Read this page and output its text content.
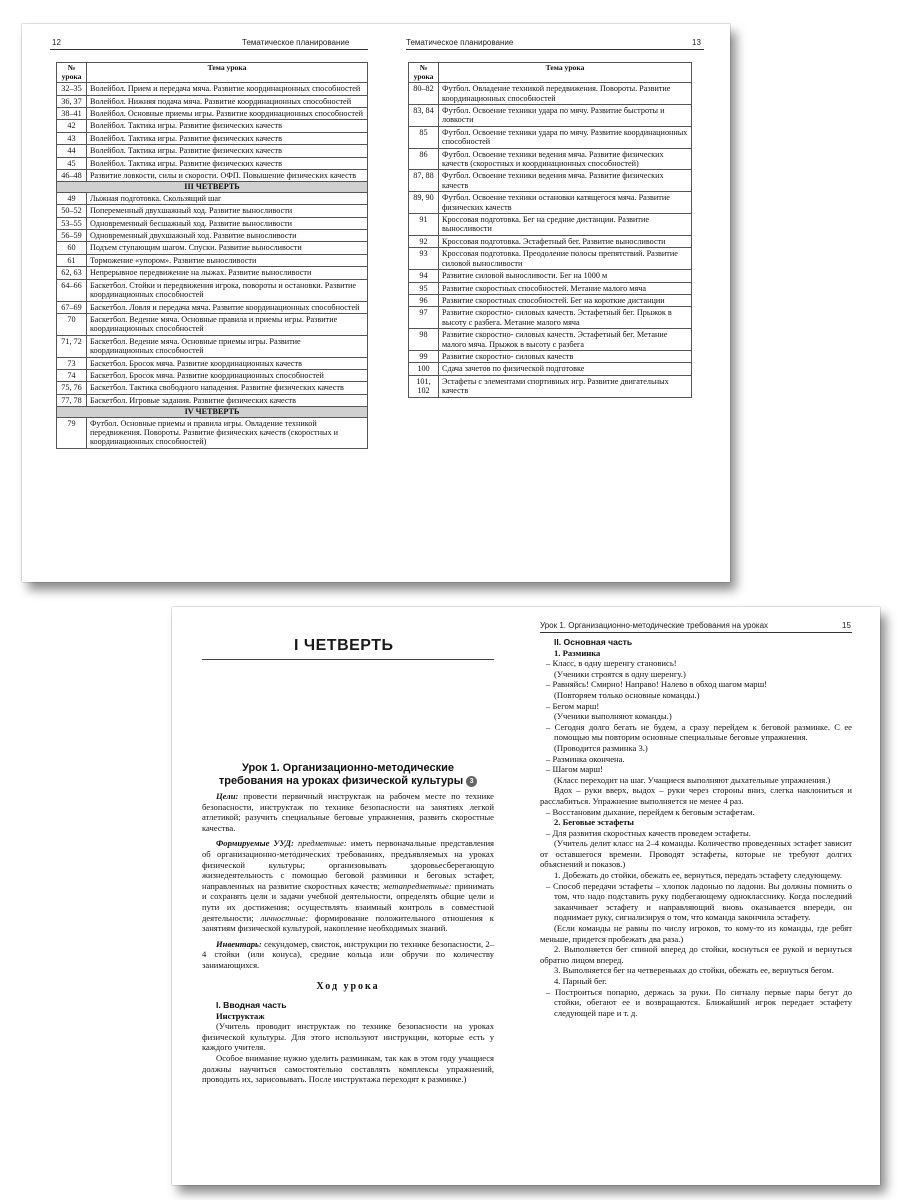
12	Тематическое планирование
№ урока	Тема урока
32–35	Волейбол. Прием и передача мяча. Развитие координационных способностей
36, 37	Волейбол. Нижняя подача мяча. Развитие координационных способностей
38–41	Волейбол. Основные приемы игры. Развитие координационных способностей
42	Волейбол. Тактика игры. Развитие физических качеств
43	Волейбол. Тактика игры. Развитие физических качеств
44	Волейбол. Тактика игры. Развитие физических качеств
45	Волейбол. Тактика игры. Развитие физических качеств
46–48	Развитие ловкости, силы и скорости. ОФП. Повышение физических качеств
III ЧЕТВЕРТЬ	
49	Лыжная подготовка. Скользящий шаг
50–52	Попеременный двухшажный ход. Развитие выносливости
53–55	Одновременный бесшажный ход. Развитие выносливости
56–59	Одновременный двухшажный ход. Развитие выносливости
60	Подъем ступающим шагом. Спуски. Развитие выносливости
61	Торможение «упором». Развитие выносливости
62, 63	Непрерывное передвижение на лыжах. Развитие выносливости
64–66	Баскетбол. Стойки и передвижения игрока, повороты и остановки. Развитие координационных способностей
67–69	Баскетбол. Ловля и передача мяча. Развитие координационных способностей
70	Баскетбол. Ведение мяча. Основные правила и приемы игры. Развитие координационных способностей
71, 72	Баскетбол. Ведение мяча. Основные приемы игры. Развитие координационных способностей
73	Баскетбол. Бросок мяча. Развитие координационных качеств
74	Баскетбол. Бросок мяча. Развитие координационных способностей
75, 76	Баскетбол. Тактика свободного нападения. Развитие физических качеств
77, 78	Баскетбол. Игровые задания. Развитие физических качеств
IV ЧЕТВЕРТЬ	
79	Футбол. Основные приемы и правила игры. Овладение техникой передвижения. Повороты. Развитие физических качеств (скоростных и координационных способностей)
Тематическое планирование	13
№ урока	Тема урока
80–82	Футбол. Овладение техникой передвижения. Повороты. Развитие координационных способностей
83, 84	Футбол. Освоение техники удара по мячу. Развитие быстроты и ловкости
85	Футбол. Освоение техники удара по мячу. Развитие координационных способностей
86	Футбол. Освоение техники ведения мяча. Развитие физических качеств (скоростных и координационных способностей)
87, 88	Футбол. Освоение техники ведения мяча. Развитие физических качеств
89, 90	Футбол. Освоение техники остановки катящегося мяча. Развитие физических качеств
91	Кроссовая подготовка. Бег на средние дистанции. Развитие выносливости
92	Кроссовая подготовка. Эстафетный бег. Развитие выносливости
93	Кроссовая подготовка. Преодоление полосы препятствий. Развитие силовой выносливости
94	Развитие силовой выносливости. Бег на 1000 м
95	Развитие скоростных способностей. Метание малого мяча
96	Развитие скоростных способностей. Бег на короткие дистанции
97	Развитие скоростно- силовых качеств. Эстафетный бег. Прыжок в высоту с разбега. Метание малого мяча
98	Развитие скоростно- силовых качеств. Эстафетный бег. Метание малого мяча. Прыжок в высоту с разбега
99	Развитие скоростно- силовых качеств
100	Сдача зачетов по физической подготовке
101, 102	Эстафеты с элементами спортивных игр. Развитие двигательных качеств
I ЧЕТВЕРТЬ
Урок 1. Организационно-методические
требования на уроках физической культуры 3

Цели: провести первичный инструктаж на рабочем месте по технике безопасности, инструктаж по технике безопасности на занятиях легкой атлетикой; разучить специальные беговые упражнения, развить скоростные качества.

Формируемые УУД: предметные: иметь первоначальные представления об организационно-методических требованиях, предъявляемых на уроках физической культуры; организовывать здоровьесберегающую жизнедеятельность с помощью беговой разминки и беговых эстафет, направленных на развитие скоростных качеств; метапредметные: принимать и сохранять цели и задачи учебной деятельности, определять общие цели и пути их достижения; осуществлять взаимный контроль в совместной деятельности; личностные: формирование положительного отношения к занятиям физической культурой, накопление необходимых знаний.

Инвентарь: секундомер, свисток, инструкции по технике безопасности, 2–4 стойки (или конуса), средние кольца или обручи по количеству занимающихся.

Ход урока

I. Вводная часть

Инструктаж

(Учитель проводит инструктаж по технике безопасности на уроках физической культуры. Для этого используют инструкции, которые есть у каждого учителя.

Особое внимание нужно уделить разминкам, так как в этом году учащиеся должны научиться самостоятельно составлять комплексы упражнений, проводить их, зарисовывать. После инструктажа переходят к разминке.)

Урок 1. Организационно-методические требования на уроках	15

II. Основная часть

1. Разминка

– Класс, в одну шеренгу становись!

(Ученики строятся в одну шеренгу.)

– Равняйсь! Смирно! Направо! Налево в обход шагом марш!

(Повторяем только основные команды.)

– Бегом марш!

(Ученики выполняют команды.)

– Сегодня долго бегать не будем, а сразу перейдем к беговой разминке. С ее помощью мы повторим основные специальные беговые упражнения.

(Проводится разминка 3.)

– Разминка окончена.

– Шагом марш!

(Класс переходит на шаг. Учащиеся выполняют дыхательные упражнения.)

Вдох – руки вверх, выдох – руки через стороны вниз, слегка наклониться и расслабиться. Упражнение выполняется не менее 4 раз.

– Восстановим дыхание, перейдем к беговым эстафетам.

2. Беговые эстафеты

– Для развития скоростных качеств проведем эстафеты.

(Учитель делит класс на 2–4 команды. Количество проведенных эстафет зависит от оставшегося времени. Проводят эстафеты, которые не требуют долгих объяснений и показов.)

1. Добежать до стойки, обежать ее, вернуться, передать эстафету следующему.

– Способ передачи эстафеты – хлопок ладонью по ладони. Вы должны помнить о том, что надо подставить руку подбегающему однокласснику. Когда последний заканчивает эстафету и направляющий вновь оказывается впереди, он поднимает руку, сигнализируя о том, что команда закончила эстафету.

(Если команды не равны по числу игроков, то кому-то из команды, где ребят меньше, придется пробежать два раза.)

2. Выполняется бег спиной вперед до стойки, коснуться ее рукой и вернуться обратно лицом вперед.

3. Выполняется бег на четвереньках до стойки, обежать ее, вернуться бегом.

4. Парный бег.

– Построиться попарно, держась за руки. По сигналу первые пары бегут до стойки, обегают ее и возвращаются. Ближайший игрок передает эстафету следующей паре и т. д.
